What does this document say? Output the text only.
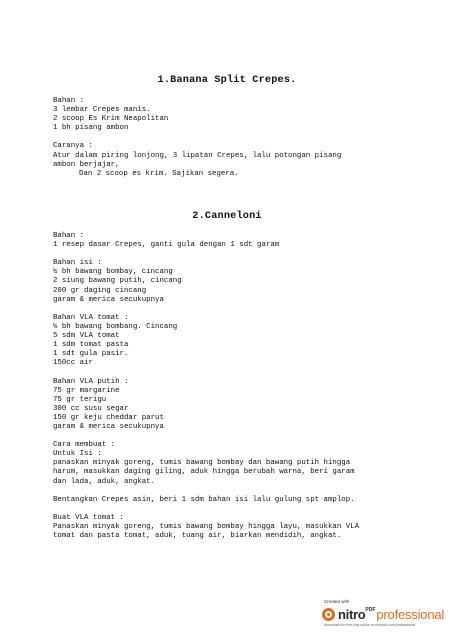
1.Banana Split Crepes.
Bahan :
3 lembar Crepes manis.
2 scoop Es Krim Neapolitan
1 bh pisang ambon
Caranya :
Atur dalam piring lonjong, 3 lipatan Crepes, lalu potongan pisang
ambon berjajar,
Dan 2 scoop es krim. Sajikan segera.
2.Canneloni
Bahan :
1 resep dasar Crepes, ganti gula dengan 1 sdt garam
Bahan isi :
½ bh bawang bombay, cincang
2 siung bawang putih, cincang
200 gr daging cincang
garam & merica secukupnya
Bahan VLA tomat :
½ bh bawang bombang. Cincang
5 sdm VLA tomat
1 sdm tomat pasta
1 sdt gula pasir.
150cc air
Bahan VLA putih :
75 gr margarine
75 gr terigu
300 cc susu segar
150 gr keju cheddar parut
garam & merica secukupnya
Cara membuat :
Untuk Isi :
panaskan minyak goreng, tumis bawang bombay dan bawang putih hingga
harum, masukkan daging giling, aduk hingga berubah warna, beri garam
dan lada, aduk, angkat.
Bentangkan Crepes asin, beri 1 sdm bahan isi lalu gulung spt amplop.
Buat VLA tomat :
Panaskan minyak goreng, tumis bawang bombay hingga layu, masukkan VLA
tomat dan pasta tomat, aduk, tuang air, biarkan mendidih, angkat.
Created with
nitro PDF professional
download the free trial online at nitropdf.com/professional
